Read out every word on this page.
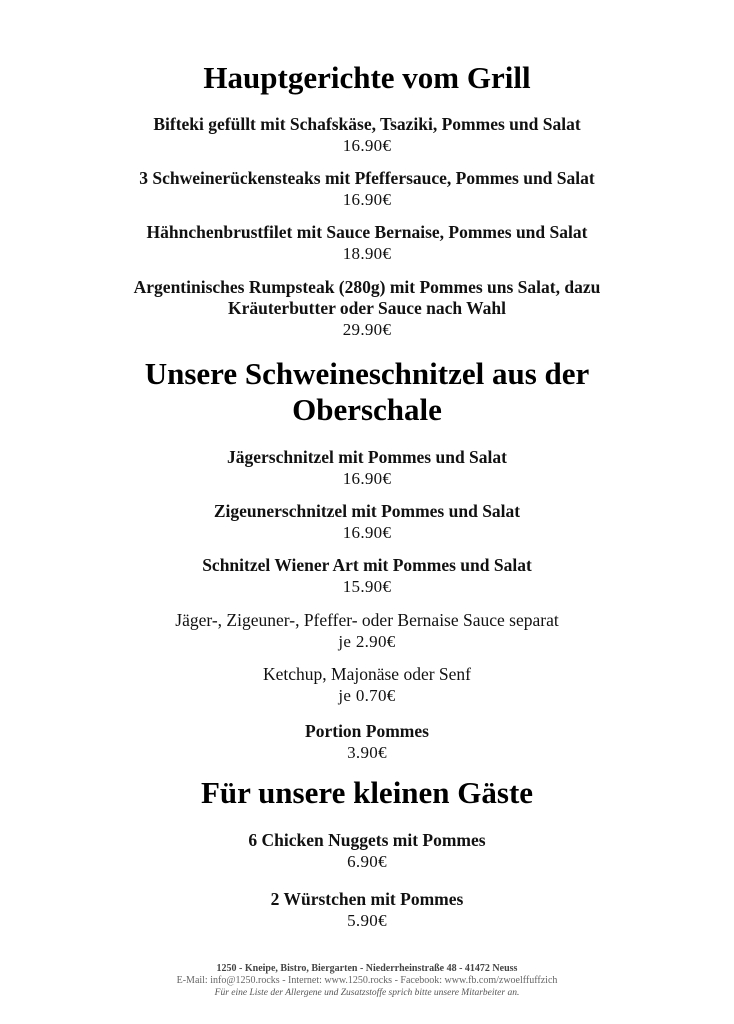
Hauptgerichte vom Grill
Bifteki gefüllt mit Schafskäse, Tsaziki, Pommes und Salat
16.90€
3 Schweinerückensteaks mit Pfeffersauce, Pommes und Salat
16.90€
Hähnchenbrustfilet mit Sauce Bernaise, Pommes und Salat
18.90€
Argentinisches Rumpsteak (280g) mit Pommes uns Salat, dazu
Kräuterbutter oder Sauce nach Wahl
29.90€
Unsere Schweineschnitzel aus der
Oberschale
Jägerschnitzel mit Pommes und Salat
16.90€
Zigeunerschnitzel mit Pommes und Salat
16.90€
Schnitzel Wiener Art mit Pommes und Salat
15.90€
Jäger-, Zigeuner-, Pfeffer- oder Bernaise Sauce separat
je 2.90€
Ketchup, Majonäse oder Senf
je 0.70€
Portion Pommes
3.90€
Für unsere kleinen Gäste
6 Chicken Nuggets mit Pommes
6.90€
2 Würstchen mit Pommes
5.90€
1250 - Kneipe, Bistro, Biergarten - Niederrheinstraße 48 - 41472 Neuss
E-Mail: info@1250.rocks - Internet: www.1250.rocks - Facebook: www.fb.com/zwoelffuffzich
Für eine Liste der Allergene und Zusatzstoffe sprich bitte unsere Mitarbeiter an.
